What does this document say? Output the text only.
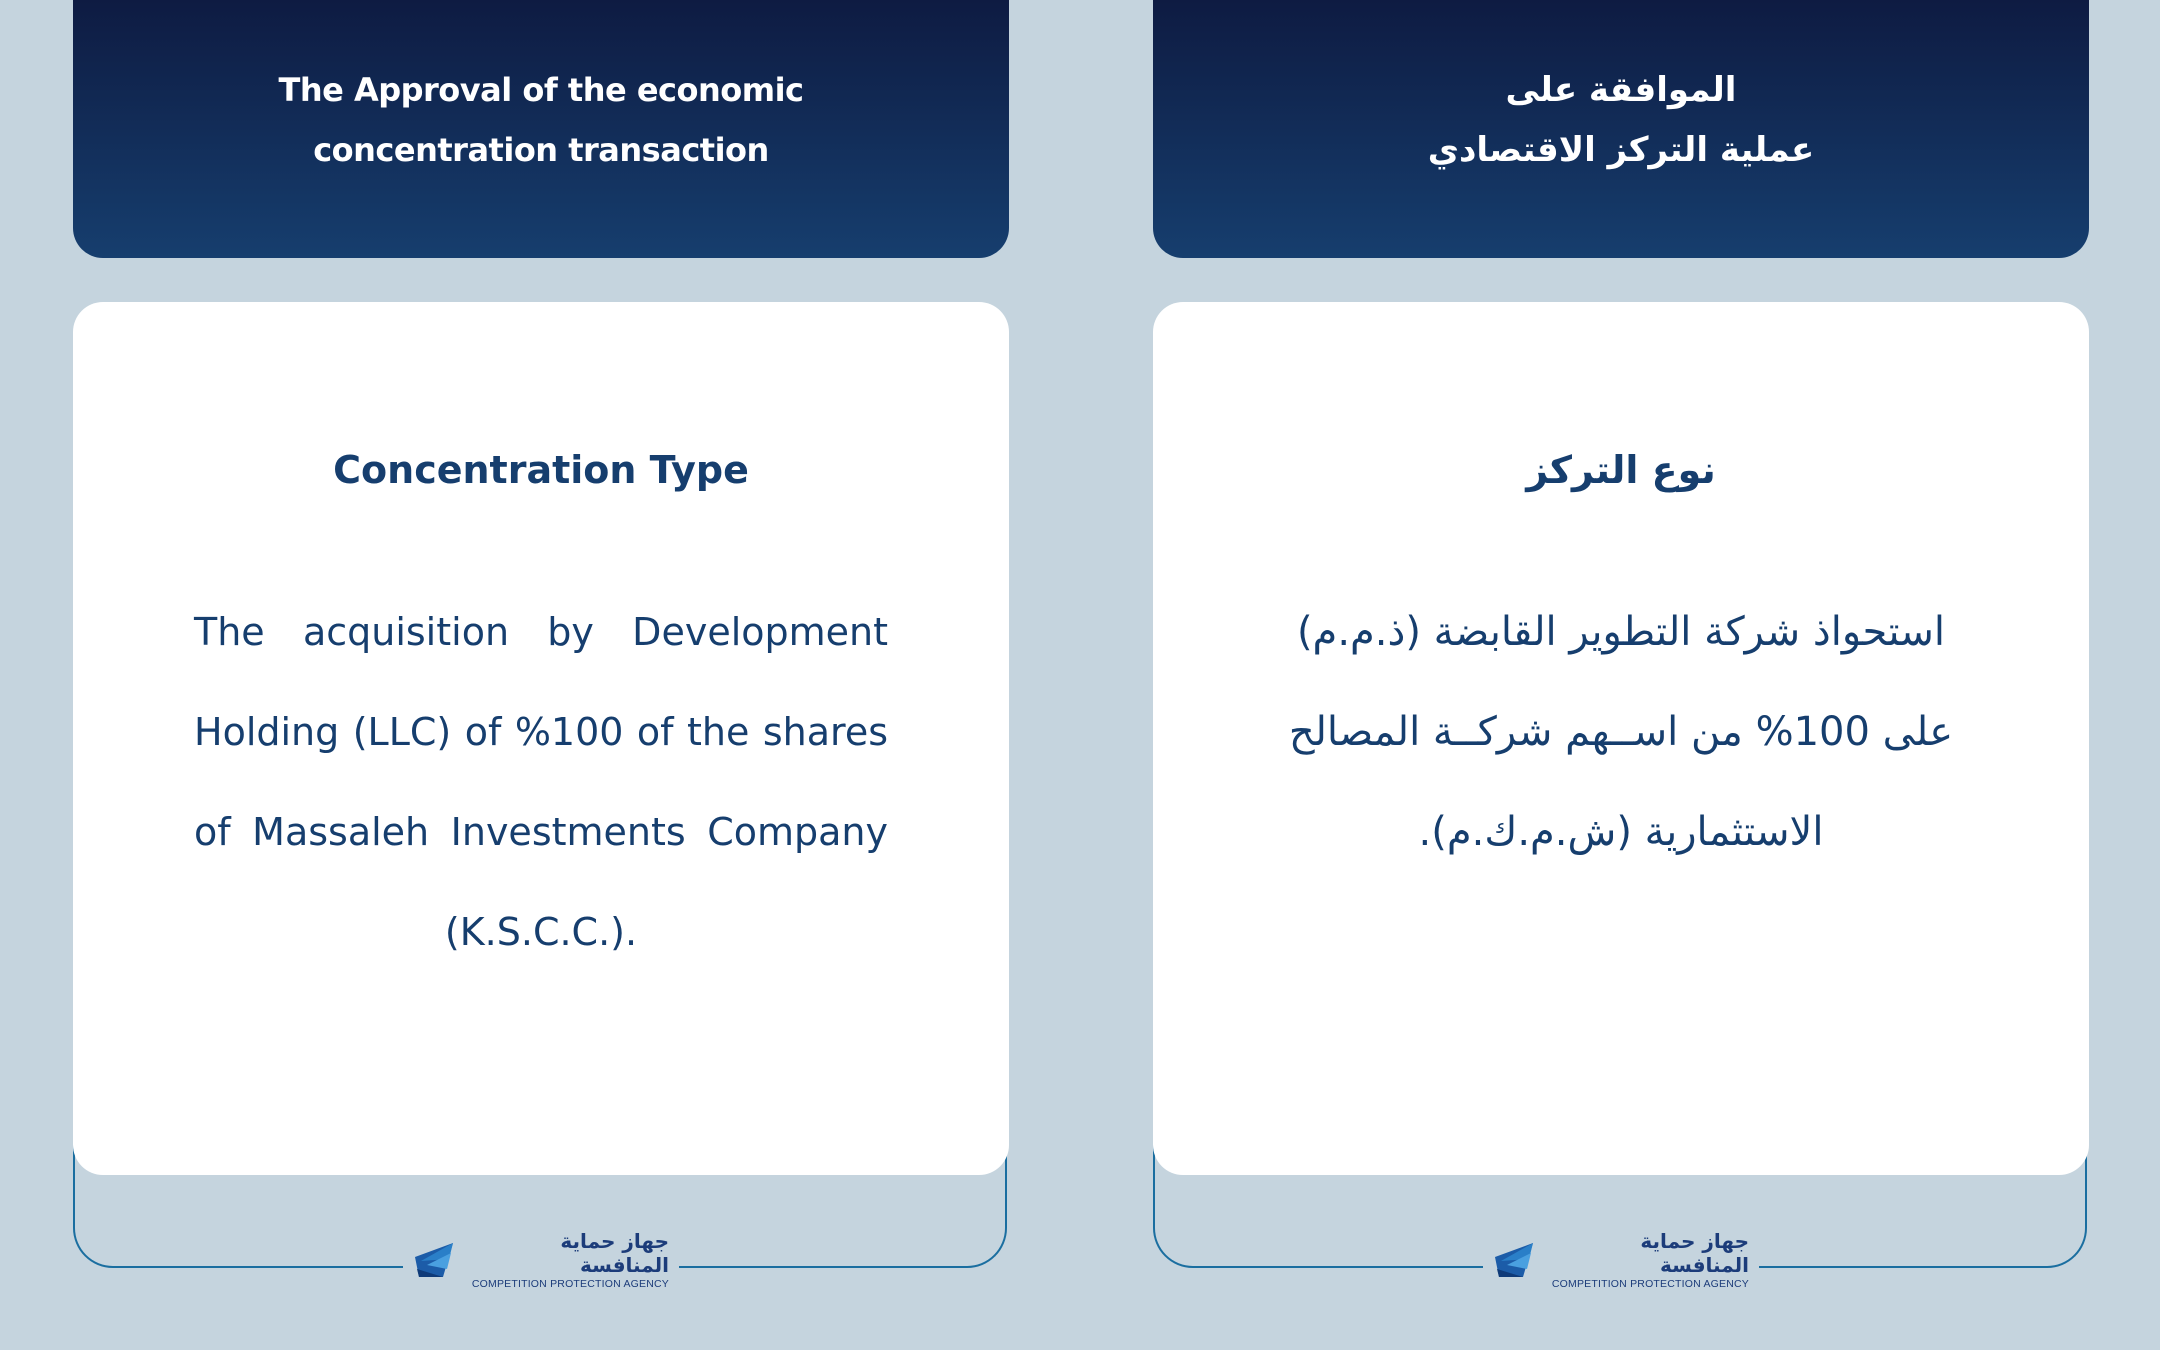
The Approval of the economic
concentration transaction
Concentration Type
The acquisition by Development Holding (LLC) of %100 of the shares of Massaleh Investments Company (K.S.C.C.).
جهاز حماية المنافسة
COMPETITION PROTECTION AGENCY
الموافقة على
عملية التركز الاقتصادي
نوع التركز
استحواذ شركة التطوير القابضة (ذ.م.م) على 100% من اســهم شركــة المصالح الاستثمارية (ش.م.ك.م).
جهاز حماية المنافسة
COMPETITION PROTECTION AGENCY
